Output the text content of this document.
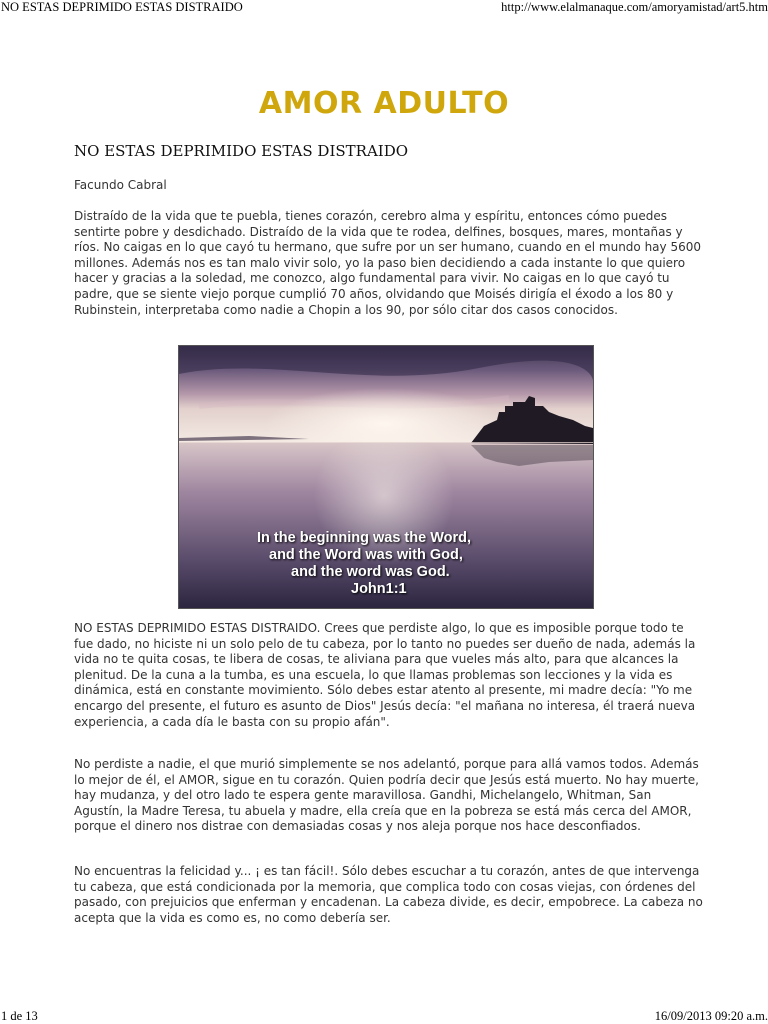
NO ESTAS DEPRIMIDO ESTAS DISTRAIDO	http://www.elalmanaque.com/amoryamistad/art5.htm
AMOR ADULTO
NO ESTAS DEPRIMIDO ESTAS DISTRAIDO
Facundo Cabral

Distraído de la vida que te puebla, tienes corazón, cerebro alma y espíritu, entonces cómo puedes sentirte pobre y desdichado. Distraído de la vida que te rodea, delfines, bosques, mares, montañas y ríos. No caigas en lo que cayó tu hermano, que sufre por un ser humano, cuando en el mundo hay 5600 millones. Además nos es tan malo vivir solo, yo la paso bien decidiendo a cada instante lo que quiero hacer y gracias a la soledad, me conozco, algo fundamental para vivir. No caigas en lo que cayó tu padre, que se siente viejo porque cumplió 70 años, olvidando que Moisés dirigía el éxodo a los 80 y Rubinstein, interpretaba como nadie a Chopin a los 90, por sólo citar dos casos conocidos.

In the beginning was the Word,
and the Word was with God,
and the word was God.
John1:1

NO ESTAS DEPRIMIDO ESTAS DISTRAIDO. Crees que perdiste algo, lo que es imposible porque todo te fue dado, no hiciste ni un solo pelo de tu cabeza, por lo tanto no puedes ser dueño de nada, además la vida no te quita cosas, te libera de cosas, te aliviana para que vueles más alto, para que alcances la plenitud. De la cuna a la tumba, es una escuela, lo que llamas problemas son lecciones y la vida es dinámica, está en constante movimiento. Sólo debes estar atento al presente, mi madre decía: "Yo me encargo del presente, el futuro es asunto de Dios" Jesús decía: "el mañana no interesa, él traerá nueva experiencia, a cada día le basta con su propio afán".

No perdiste a nadie, el que murió simplemente se nos adelantó, porque para allá vamos todos. Además lo mejor de él, el AMOR, sigue en tu corazón. Quien podría decir que Jesús está muerto. No hay muerte, hay mudanza, y del otro lado te espera gente maravillosa. Gandhi, Michelangelo, Whitman, San Agustín, la Madre Teresa, tu abuela y madre, ella creía que en la pobreza se está más cerca del AMOR, porque el dinero nos distrae con demasiadas cosas y nos aleja porque nos hace desconfiados.

No encuentras la felicidad y... ¡ es tan fácil!. Sólo debes escuchar a tu corazón, antes de que intervenga tu cabeza, que está condicionada por la memoria, que complica todo con cosas viejas, con órdenes del pasado, con prejuicios que enferman y encadenan. La cabeza divide, es decir, empobrece. La cabeza no acepta que la vida es como es, no como debería ser.

1 de 13	16/09/2013 09:20 a.m.
